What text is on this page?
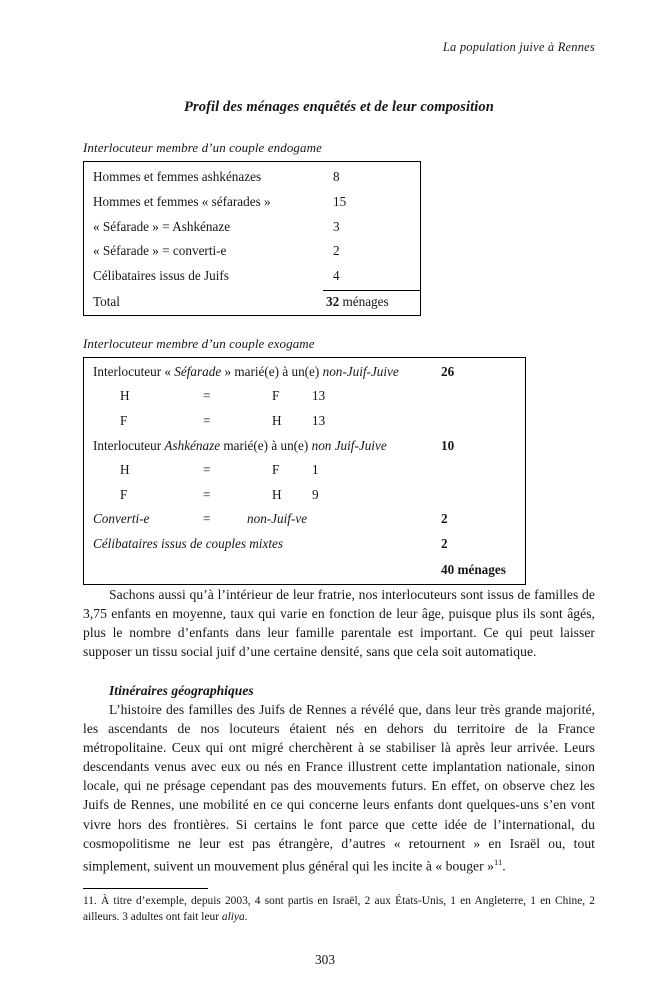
La population juive à Rennes
Profil des ménages enquêtés et de leur composition
Interlocuteur membre d’un couple endogame
Hommes et femmes ashkénazes	8
Hommes et femmes « séfarades »	15
« Séfarade » = Ashkénaze	3
« Séfarade » = converti-e	2
Célibataires issus de Juifs	4
Total	32 ménages
Interlocuteur membre d’un couple exogame
Interlocuteur « Séfarade » marié(e) à un(e) non-Juif-Juive	26
H	=	F 13
F	=	H 13
Interlocuteur Ashkénaze marié(e) à un(e) non Juif-Juive	10
H	=	F 1
F	=	H 9
Converti-e	=	non-Juif-ve	2
Célibataires issus de couples mixtes	2
40 ménages

Sachons aussi qu’à l’intérieur de leur fratrie, nos interlocuteurs sont issus de familles de 3,75 enfants en moyenne, taux qui varie en fonction de leur âge, puisque plus ils sont âgés, plus le nombre d’enfants dans leur famille parentale est important. Ce qui peut laisser supposer un tissu social juif d’une certaine densité, sans que cela soit automatique.

Itinéraires géographiques

L’histoire des familles des Juifs de Rennes a révélé que, dans leur très grande majorité, les ascendants de nos locuteurs étaient nés en dehors du territoire de la France métropolitaine. Ceux qui ont migré cherchèrent à se stabiliser là après leur arrivée. Leurs descendants venus avec eux ou nés en France illustrent cette implantation nationale, sinon locale, qui ne présage cependant pas des mouvements futurs. En effet, on observe chez les Juifs de Rennes, une mobilité en ce qui concerne leurs enfants dont quelques-uns s’en vont vivre hors des frontières. Si certains le font parce que cette idée de l’international, du cosmopolitisme ne leur est pas étrangère, d’autres « retournent » en Israël ou, tout simplement, suivent un mouvement plus général qui les incite à « bouger »$^{11}$.

11. À titre d’exemple, depuis 2003, 4 sont partis en Israël, 2 aux États-Unis, 1 en Angleterre, 1 en Chine, 2 ailleurs. 3 adultes ont fait leur aliya.

303
